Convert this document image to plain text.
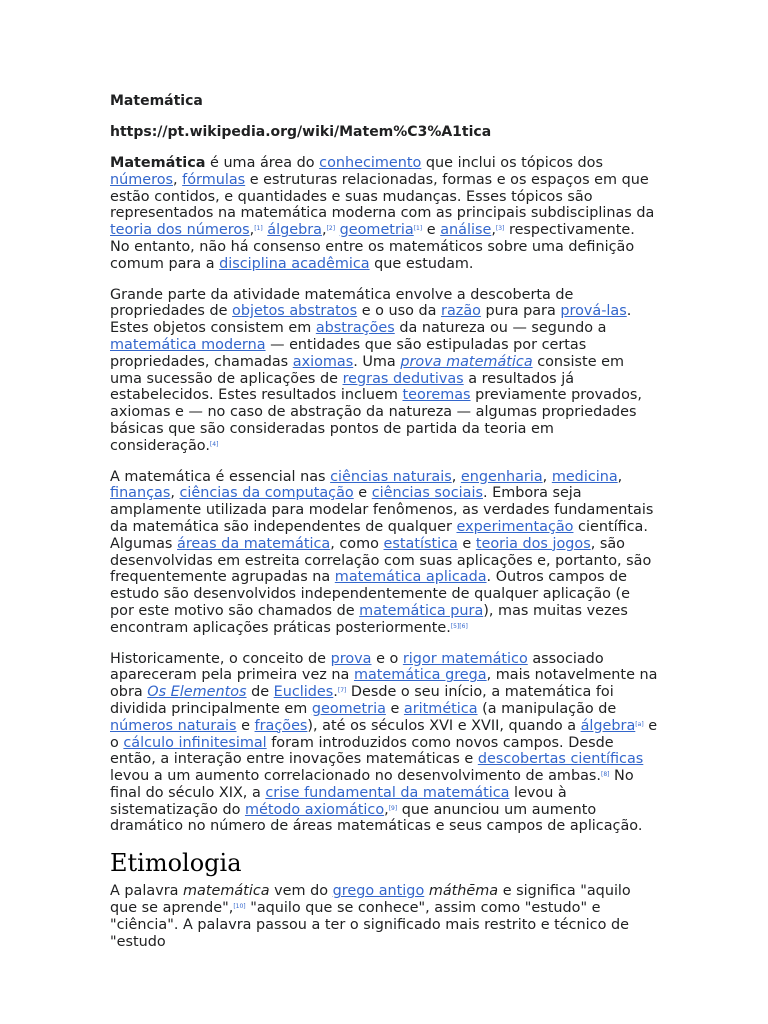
Matemática
https://pt.wikipedia.org/wiki/Matem%C3%A1tica

Matemática é uma área do conhecimento que inclui os tópicos dos números, fórmulas e estruturas relacionadas, formas e os espaços em que estão contidos, e quantidades e suas mudanças. Esses tópicos são representados na matemática moderna com as principais subdisciplinas da teoria dos números,[1] álgebra,[2] geometria[1] e análise,[3] respectivamente. No entanto, não há consenso entre os matemáticos sobre uma definição comum para a disciplina acadêmica que estudam.

Grande parte da atividade matemática envolve a descoberta de propriedades de objetos abstratos e o uso da razão pura para prová-las. Estes objetos consistem em abstrações da natureza ou — segundo a matemática moderna — entidades que são estipuladas por certas propriedades, chamadas axiomas. Uma prova matemática consiste em uma sucessão de aplicações de regras dedutivas a resultados já estabelecidos. Estes resultados incluem teoremas previamente provados, axiomas e — no caso de abstração da natureza — algumas propriedades básicas que são consideradas pontos de partida da teoria em consideração.[4]

A matemática é essencial nas ciências naturais, engenharia, medicina, finanças, ciências da computação e ciências sociais. Embora seja amplamente utilizada para modelar fenômenos, as verdades fundamentais da matemática são independentes de qualquer experimentação científica. Algumas áreas da matemática, como estatística e teoria dos jogos, são desenvolvidas em estreita correlação com suas aplicações e, portanto, são frequentemente agrupadas na matemática aplicada. Outros campos de estudo são desenvolvidos independentemente de qualquer aplicação (e por este motivo são chamados de matemática pura), mas muitas vezes encontram aplicações práticas posteriormente.[5][6]

Historicamente, o conceito de prova e o rigor matemático associado apareceram pela primeira vez na matemática grega, mais notavelmente na obra Os Elementos de Euclides.[7] Desde o seu início, a matemática foi dividida principalmente em geometria e aritmética (a manipulação de números naturais e frações), até os séculos XVI e XVII, quando a álgebra[a] e o cálculo infinitesimal foram introduzidos como novos campos. Desde então, a interação entre inovações matemáticas e descobertas científicas levou a um aumento correlacionado no desenvolvimento de ambas.[8] No final do século XIX, a crise fundamental da matemática levou à sistematização do método axiomático,[9] que anunciou um aumento dramático no número de áreas matemáticas e seus campos de aplicação.

Etimologia

A palavra matemática vem do grego antigo máthēma e significa "aquilo que se aprende",[10] "aquilo que se conhece", assim como "estudo" e "ciência". A palavra passou a ter o significado mais restrito e técnico de "estudo
